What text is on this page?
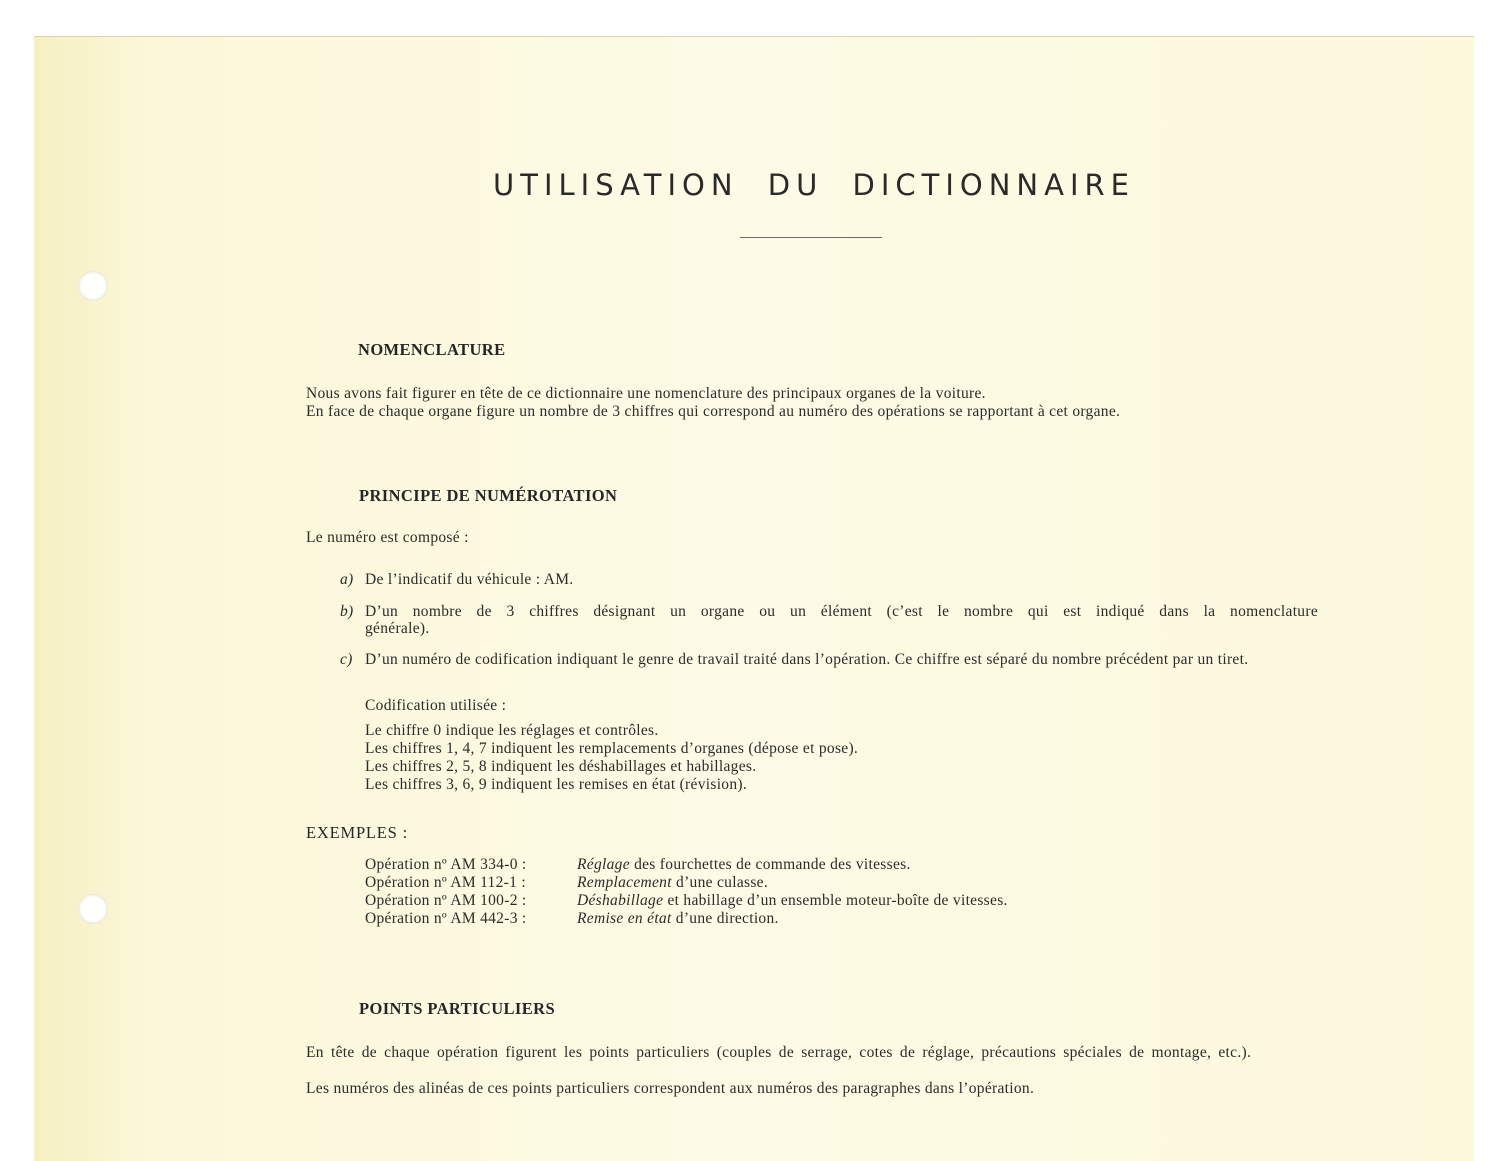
UTILISATION DU DICTIONNAIRE
NOMENCLATURE
Nous avons fait figurer en tête de ce dictionnaire une nomenclature des principaux organes de la voiture.
En face de chaque organe figure un nombre de 3 chiffres qui correspond au numéro des opérations se rapportant à cet organe.
PRINCIPE DE NUMÉROTATION
Le numéro est composé :
a) De l’indicatif du véhicule : AM.
b) D’un nombre de 3 chiffres désignant un organe ou un élément (c’est le nombre qui est indiqué dans la nomenclature générale).
c) D’un numéro de codification indiquant le genre de travail traité dans l’opération. Ce chiffre est séparé du nombre précédent par un tiret.
Codification utilisée :
Le chiffre 0 indique les réglages et contrôles.
Les chiffres 1, 4, 7 indiquent les remplacements d’organes (dépose et pose).
Les chiffres 2, 5, 8 indiquent les déshabillages et habillages.
Les chiffres 3, 6, 9 indiquent les remises en état (révision).
EXEMPLES :
Opération nº AM 334-0 :	Réglage des fourchettes de commande des vitesses.
Opération nº AM 112-1 :	Remplacement d’une culasse.
Opération nº AM 100-2 :	Déshabillage et habillage d’un ensemble moteur-boîte de vitesses.
Opération nº AM 442-3 :	Remise en état d’une direction.
POINTS PARTICULIERS
En tête de chaque opération figurent les points particuliers (couples de serrage, cotes de réglage, précautions spéciales de montage, etc.).
Les numéros des alinéas de ces points particuliers correspondent aux numéros des paragraphes dans l’opération.
